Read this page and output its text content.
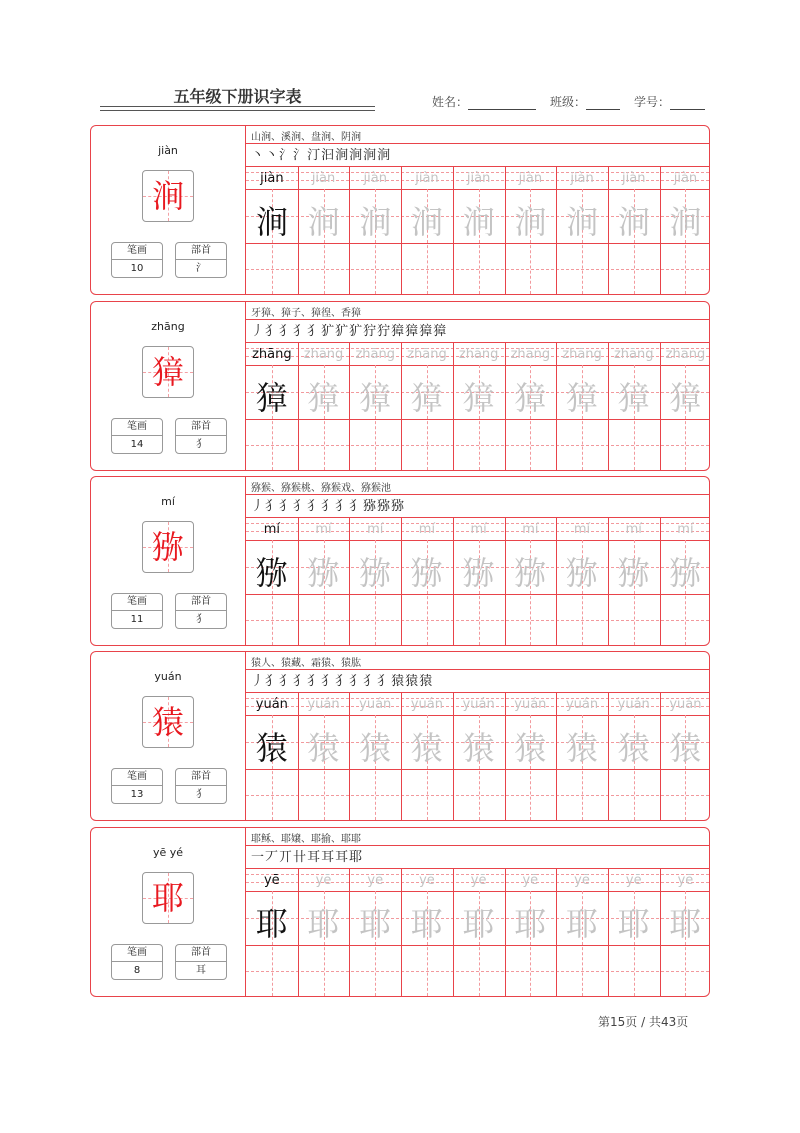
五年级下册识字表	姓名：	班级：	学号：
jiàn
涧
笔画
10
部首
氵
山涧、溪涧、盘涧、阴涧
丶丶氵氵汀汩涧涧涧涧
jiàn
涧
jiàn
涧
jiàn
涧
jiàn
涧
jiàn
涧
jiàn
涧
jiàn
涧
jiàn
涧
jiàn
涧
zhāng
獐
笔画
14
部首
犭
牙獐、獐子、獐徨、香獐
丿犭犭犭犭犷犷犷狞狞獐獐獐獐
zhāng
獐
zhāng
獐
zhāng
獐
zhāng
獐
zhāng
獐
zhāng
獐
zhāng
獐
zhāng
獐
zhāng
獐
mí
猕
笔画
11
部首
犭
猕猴、猕猴桃、猕猴戏、猕猴池
丿犭犭犭犭犭犭犭猕猕猕
mí
猕
mí
猕
mí
猕
mí
猕
mí
猕
mí
猕
mí
猕
mí
猕
mí
猕
yuán
猿
笔画
13
部首
犭
猿人、猿藏、霜猿、猿肱
丿犭犭犭犭犭犭犭犭犭猿猿猿
yuán
猿
yuán
猿
yuán
猿
yuán
猿
yuán
猿
yuán
猿
yuán
猿
yuán
猿
yuán
猿
yē yé
耶
笔画
8
部首
耳
耶稣、耶嬢、耶揄、耶耶
一丆丌卄耳耳耳耶
yē
耶
yē
耶
yē
耶
yē
耶
yē
耶
yē
耶
yē
耶
yē
耶
yē
耶
第15页 / 共43页
